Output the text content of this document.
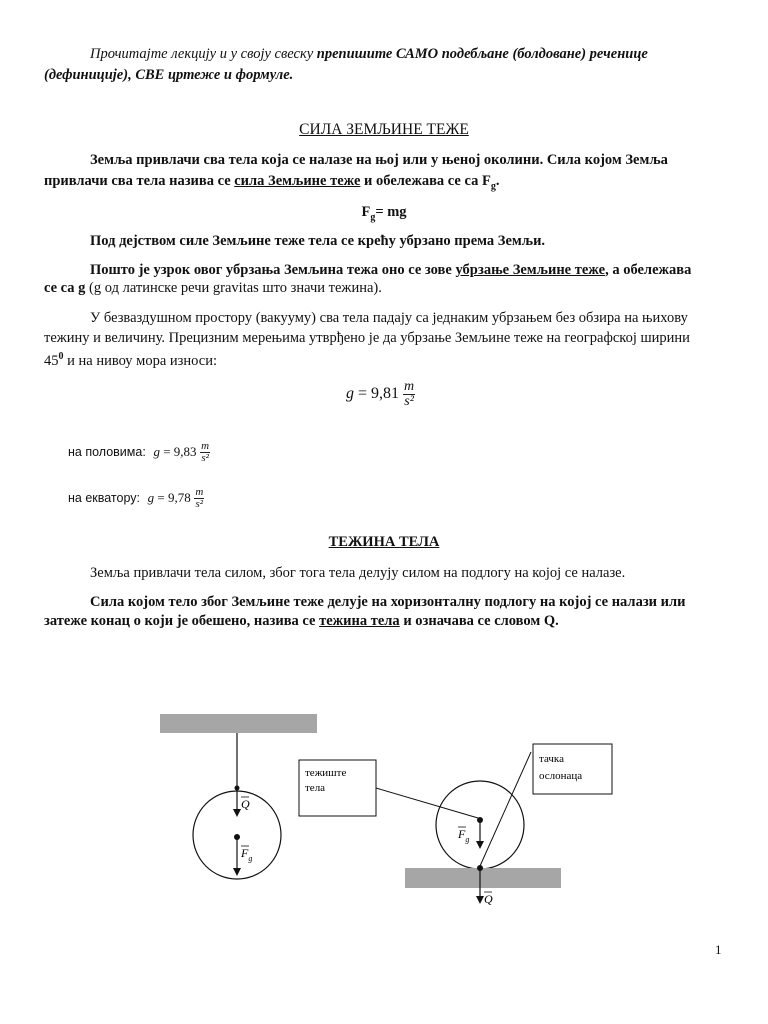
Прочитајте лекцију и у своју свеску препишите САМО подебљане (болдоване) реченице
(дефиниције), СВЕ цртеже и формуле.
СИЛА ЗЕМЉИНЕ ТЕЖЕ
Земља привлачи сва тела која се налазе на њој или у њеној околини. Сила којом Земља
привлачи сва тела назива се сила Земљине теже и обележава се са $F_g$.
$F_g=$ mg
Под дејством силе Земљине теже тела се крећу убрзано према Земљи.
Пошто је узрок овог убрзања Земљина тежа оно се зове убрзање Земљине теже, а обележава
се са g (g од латинске речи gravitas што значи тежина).
У безваздушном простору (вакууму) сва тела падају са једнаким убрзањем без обзира на њихову
тежину и величину. Прецизним мерењима утврђено је да убрзање Земљине теже на географској ширини
$45^0$ и на нивоу мора износи:
$g = 9,81 \frac{m}{\text{s²}}$
на половима: $g = 9,83 \frac{m}{\text{s²}}$
на екватору: $g = 9,78 \frac{m}{\text{s²}}$
ТЕЖИНА ТЕЛА
Земља привлачи тела силом, због тога тела делују силом на подлогу на којој се налазе.
Сила којом тело због Земљине теже делује на хоризонталну подлогу на којој се налази или
затеже конац о који је обешено, назива се тежина тела и означава се словом Q.
Q
$F_g$
тежиште
тела
$F_g$
Q
тачка
ослонаца
1
